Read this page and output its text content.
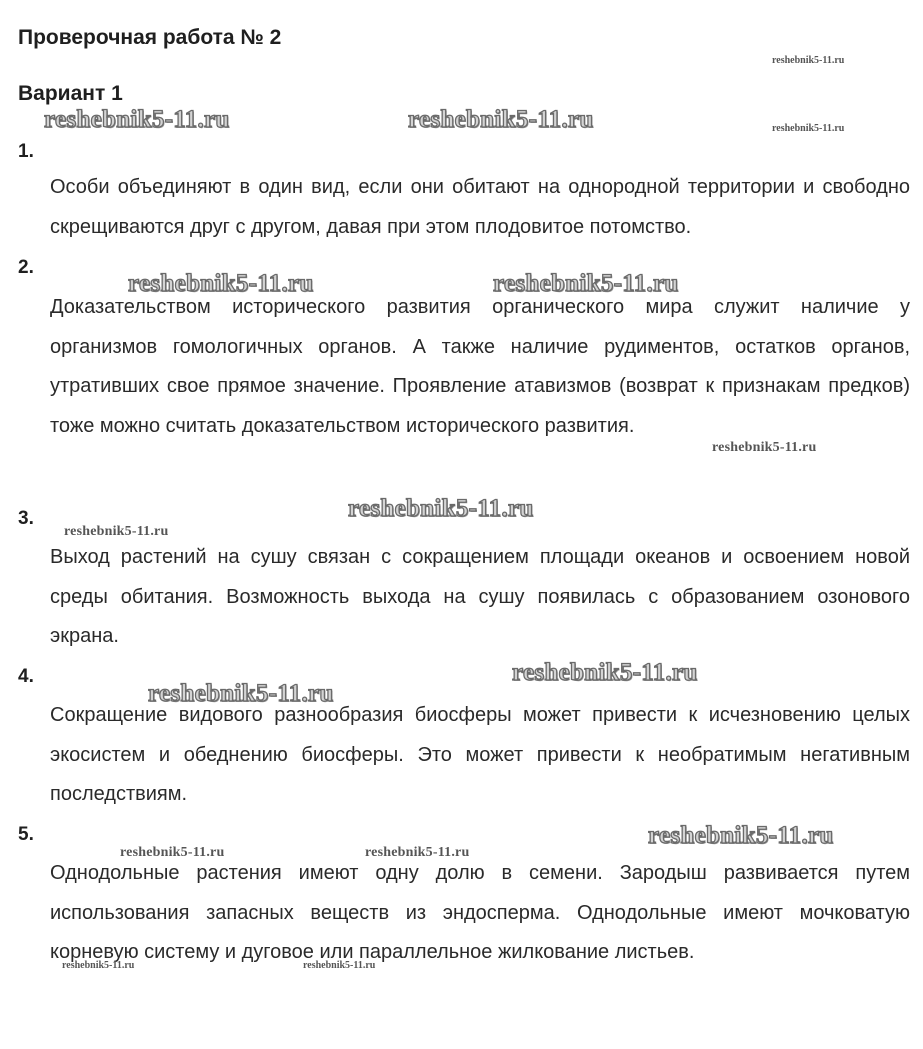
Проверочная работа № 2
Вариант 1
1.

Особи объединяют в один вид, если они обитают на однородной территории и свободно скрещиваются друг с другом, давая при этом плодовитое потомство.

2.

Доказательством исторического развития органического мира служит наличие у организмов гомологичных органов. А также наличие рудиментов, остатков органов, утративших свое прямое значение. Проявление атавизмов (возврат к признакам предков) тоже можно считать доказательством исторического развития.

3.

Выход растений на сушу связан с сокращением площади океанов и освоением новой среды обитания. Возможность выхода на сушу появилась с образованием озонового экрана.

4.

Сокращение видового разнообразия биосферы может привести к исчезновению целых экосистем и обеднению биосферы. Это может привести к необратимым негативным последствиям.

5.

Однодольные растения имеют одну долю в семени. Зародыш развивается путем использования запасных веществ из эндосперма. Однодольные имеют мочковатую корневую систему и дуговое или параллельное жилкование листьев.

reshebnik5-11.ru
reshebnik5-11.ru	reshebnik5-11.ru	reshebnik5-11.ru
reshebnik5-11.ru	reshebnik5-11.ru
reshebnik5-11.ru
reshebnik5-11.ru
reshebnik5-11.ru
reshebnik5-11.ru
reshebnik5-11.ru
reshebnik5-11.ru
reshebnik5-11.ru	reshebnik5-11.ru
reshebnik5-11.ru	reshebnik5-11.ru
